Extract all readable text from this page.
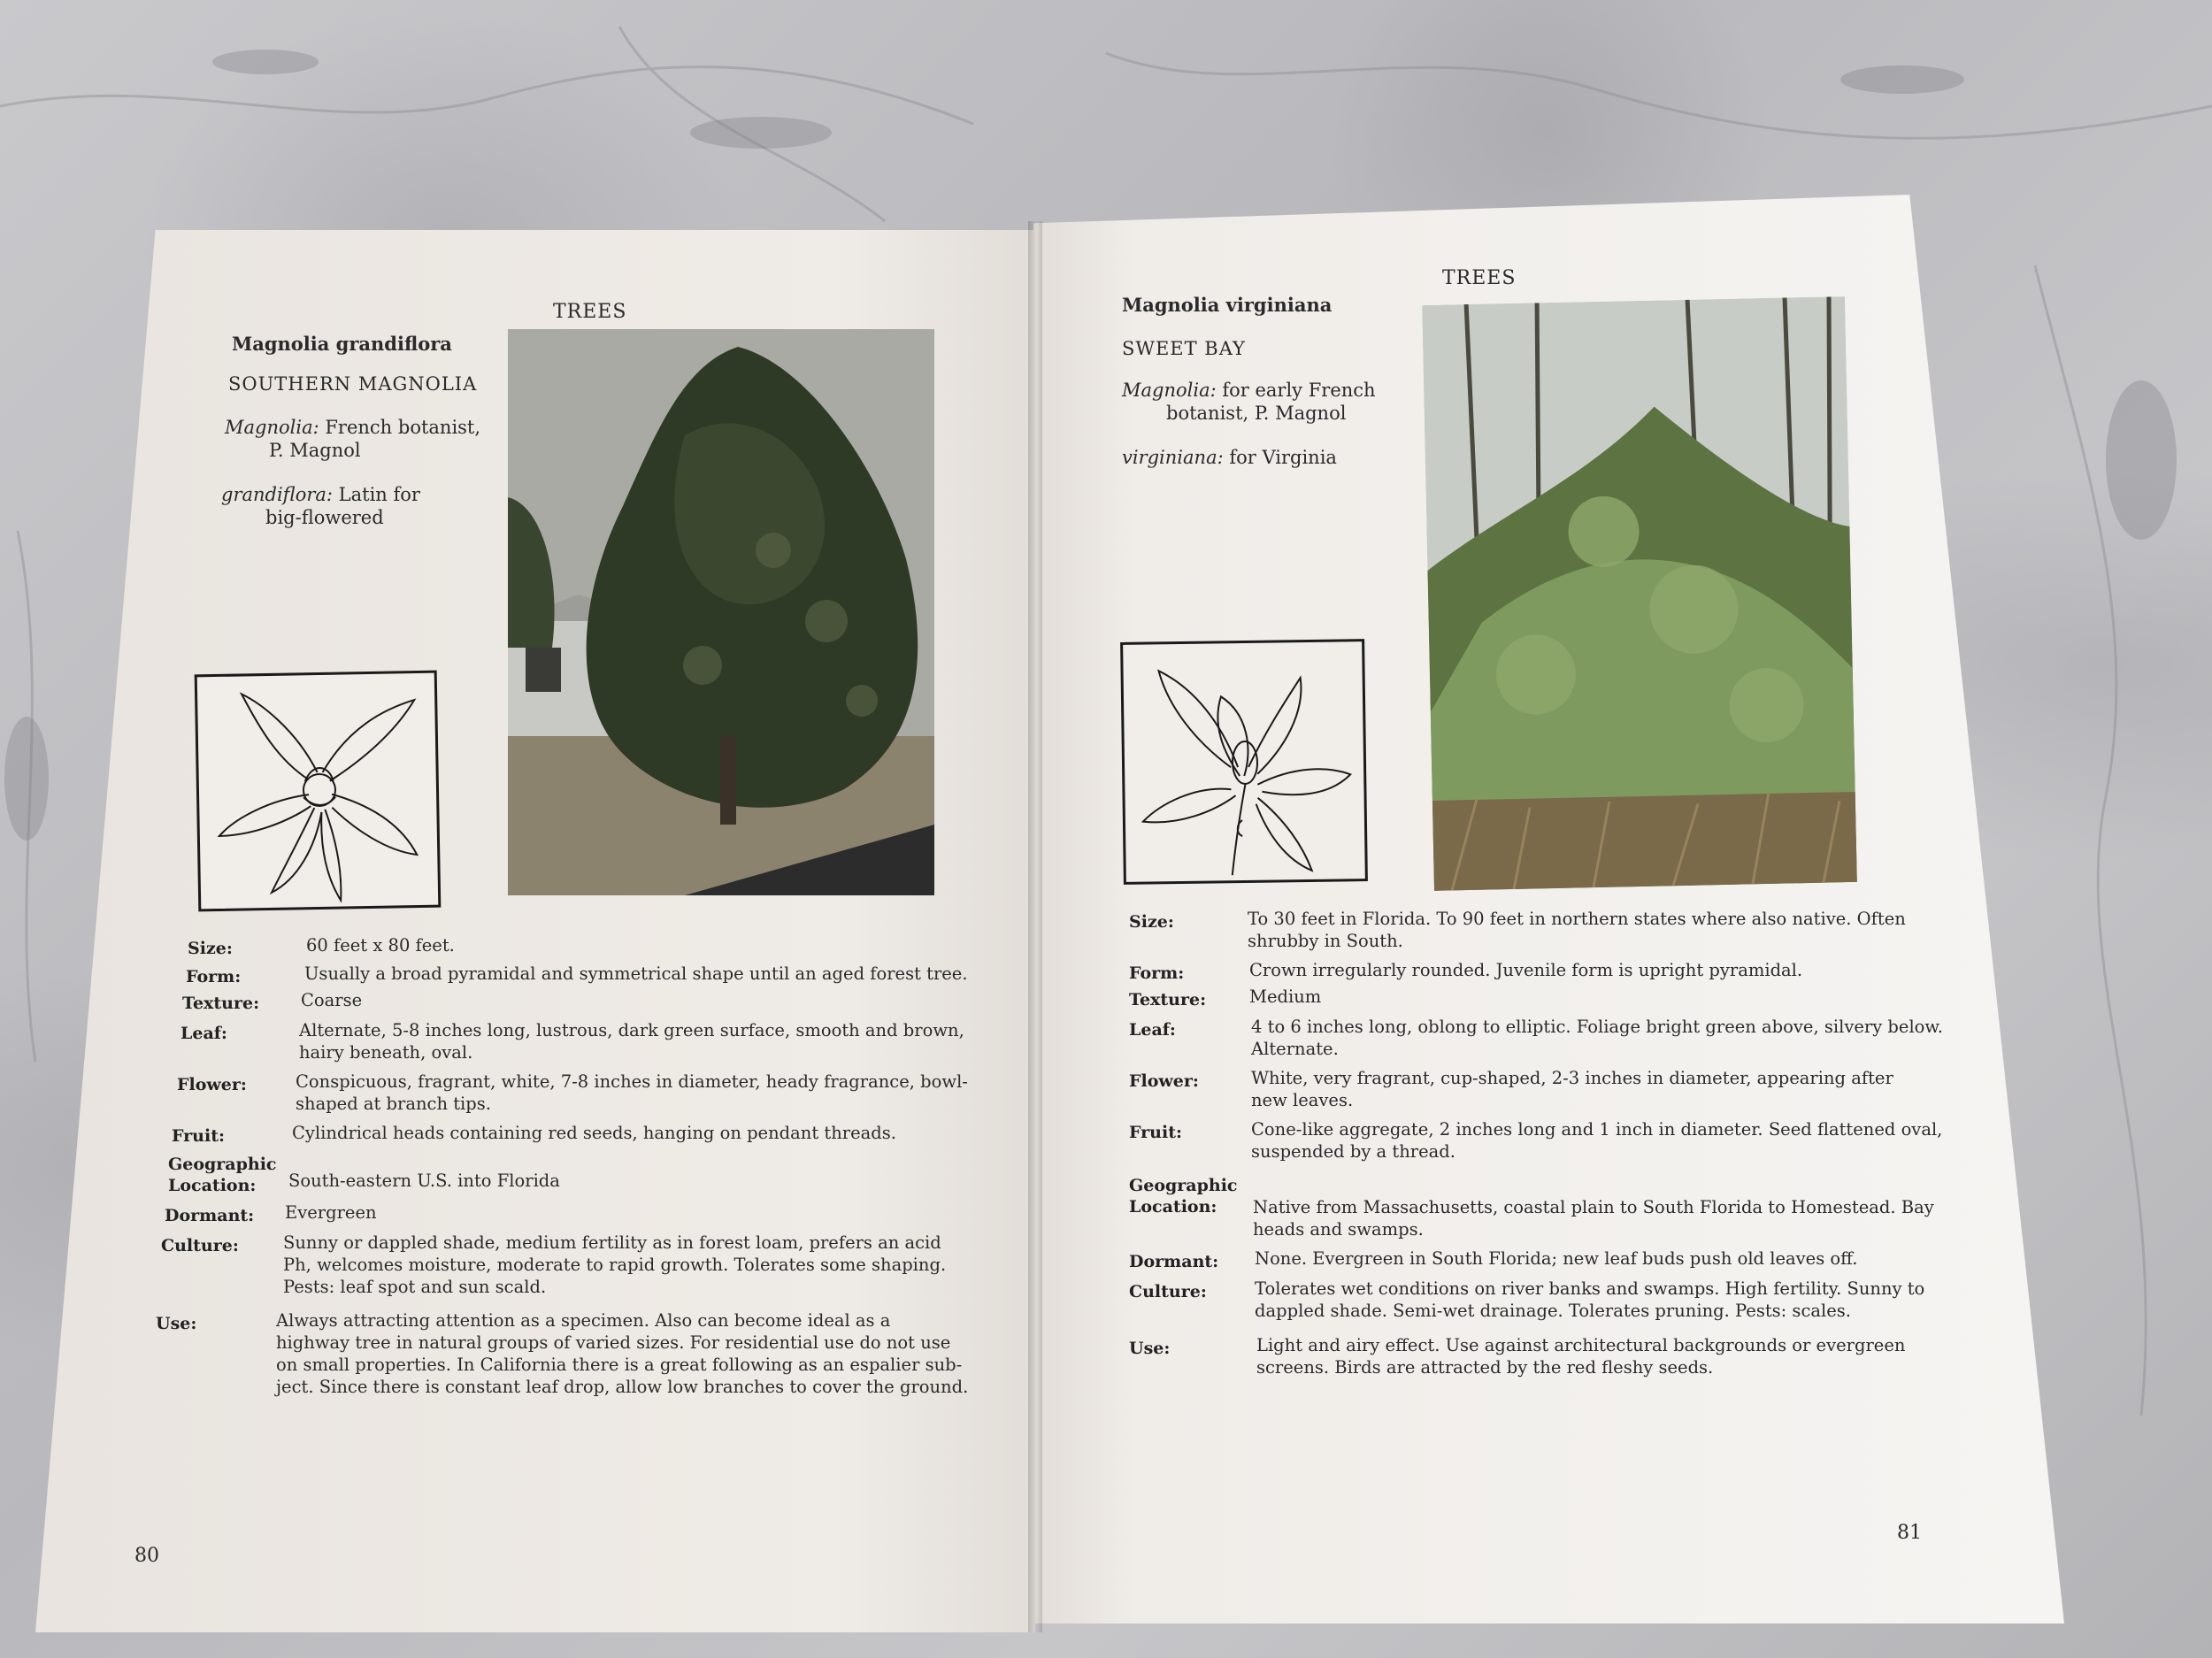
TREES
Magnolia grandiflora
SOUTHERN MAGNOLIA
Magnolia: French botanist,
P. Magnol
grandiflora: Latin for
big-flowered
Size:	60 feet x 80 feet.
Form:	Usually a broad pyramidal and symmetrical shape until an aged forest tree.
Texture: Coarse
Leaf:	Alternate, 5-8 inches long, lustrous, dark green surface, smooth and brown,
hairy beneath, oval.
Flower:	Conspicuous, fragrant, white, 7-8 inches in diameter, heady fragrance, bowl-
shaped at branch tips.
Fruit:	Cylindrical heads containing red seeds, hanging on pendant threads.
Geographic
Location:	South-eastern U.S. into Florida
Dormant: Evergreen
Culture:	Sunny or dappled shade, medium fertility as in forest loam, prefers an acid
Ph, welcomes moisture, moderate to rapid growth. Tolerates some shaping.
Pests: leaf spot and sun scald.
Use:	Always attracting attention as a specimen. Also can become ideal as a
highway tree in natural groups of varied sizes. For residential use do not use
on small properties. In California there is a great following as an espalier sub-
ject. Since there is constant leaf drop, allow low branches to cover the ground.
80
TREES
Magnolia virginiana
SWEET BAY
Magnolia: for early French
botanist, P. Magnol
virginiana: for Virginia
Size:	To 30 feet in Florida. To 90 feet in northern states where also native. Often
shrubby in South.
Form:	Crown irregularly rounded. Juvenile form is upright pyramidal.
Texture:	Medium
Leaf:	4 to 6 inches long, oblong to elliptic. Foliage bright green above, silvery below.
Alternate.
Flower:	White, very fragrant, cup-shaped, 2-3 inches in diameter, appearing after
new leaves.
Fruit:	Cone-like aggregate, 2 inches long and 1 inch in diameter. Seed flattened oval,
suspended by a thread.
Geographic
Location:	Native from Massachusetts, coastal plain to South Florida to Homestead. Bay
heads and swamps.
Dormant: None. Evergreen in South Florida; new leaf buds push old leaves off.
Culture:	Tolerates wet conditions on river banks and swamps. High fertility. Sunny to
dappled shade. Semi-wet drainage. Tolerates pruning. Pests: scales.
Use:	Light and airy effect. Use against architectural backgrounds or evergreen
screens. Birds are attracted by the red fleshy seeds.
81
